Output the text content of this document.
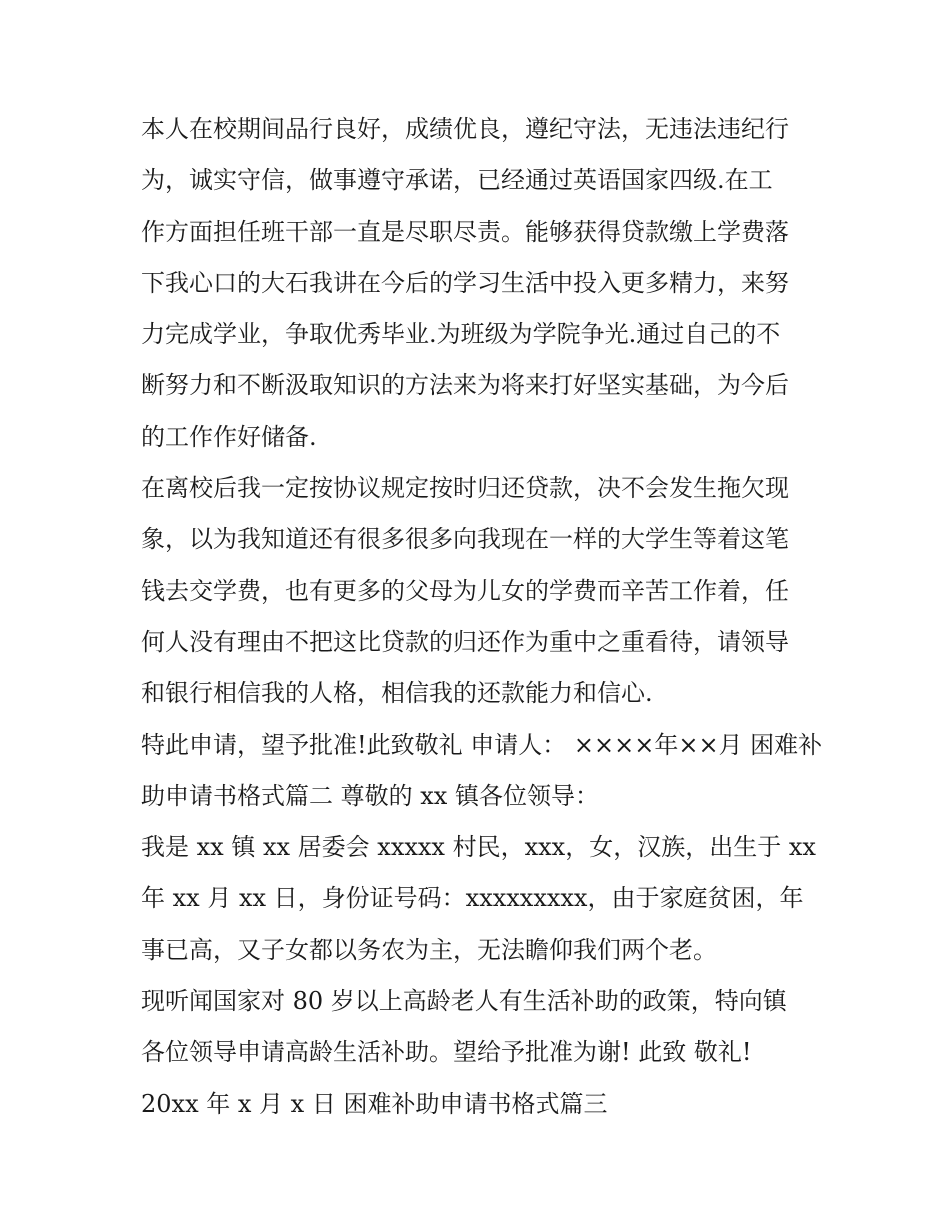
本人在校期间品行良好，成绩优良，遵纪守法，无违法违纪行
为，诚实守信，做事遵守承诺，已经通过英语国家四级.在工
作方面担任班干部一直是尽职尽责。能够获得贷款缴上学费落
下我心口的大石我讲在今后的学习生活中投入更多精力，来努
力完成学业，争取优秀毕业.为班级为学院争光.通过自己的不
断努力和不断汲取知识的方法来为将来打好坚实基础，为今后
的工作作好储备.
在离校后我一定按协议规定按时归还贷款，决不会发生拖欠现
象，以为我知道还有很多很多向我现在一样的大学生等着这笔
钱去交学费，也有更多的父母为儿女的学费而辛苦工作着，任
何人没有理由不把这比贷款的归还作为重中之重看待，请领导
和银行相信我的人格，相信我的还款能力和信心.
特此申请，望予批准!此致敬礼 申请人： ××××年××月 困难补
助申请书格式篇二 尊敬的 xx 镇各位领导：
我是 xx 镇 xx 居委会 xxxxx 村民，xxx，女，汉族，出生于 xx
年 xx 月 xx 日，身份证号码：xxxxxxxxx，由于家庭贫困，年
事已高，又子女都以务农为主，无法瞻仰我们两个老。
现听闻国家对 80 岁以上高龄老人有生活补助的政策，特向镇
各位领导申请高龄生活补助。望给予批准为谢! 此致 敬礼!
20xx 年 x 月 x 日 困难补助申请书格式篇三
